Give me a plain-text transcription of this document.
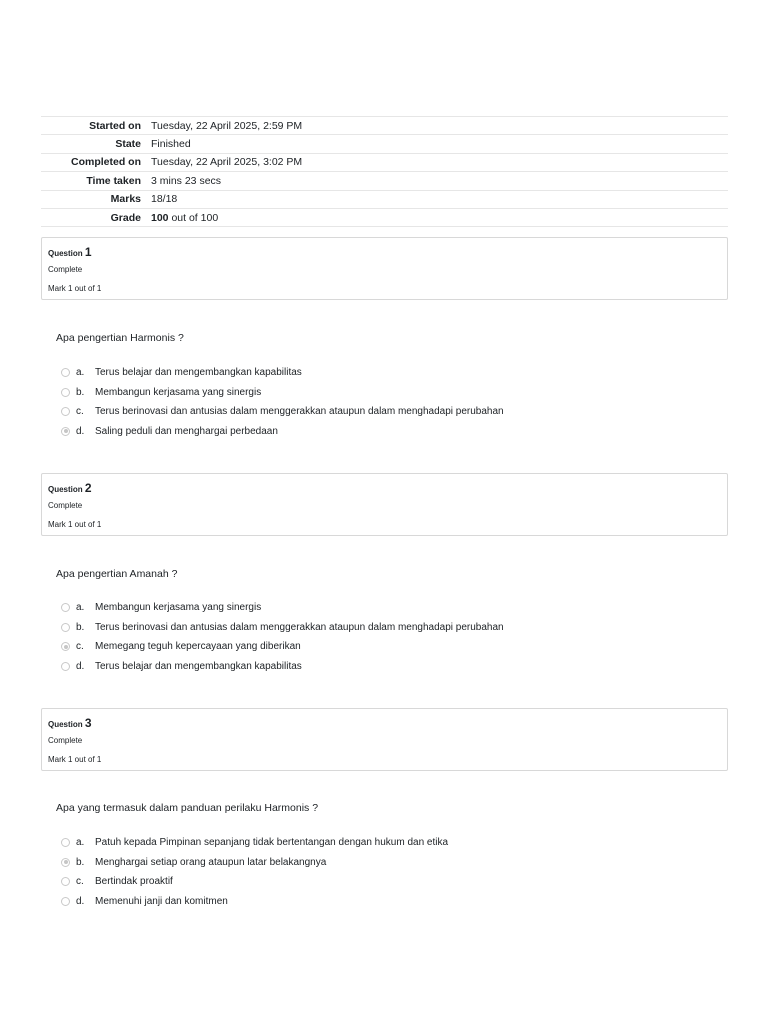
Started on	Tuesday, 22 April 2025, 2:59 PM
State	Finished
Completed on	Tuesday, 22 April 2025, 3:02 PM
Time taken	3 mins 23 secs
Marks	18/18
Grade	100 out of 100
Question 1
Complete
Mark 1 out of 1
Apa pengertian Harmonis ?
a.	Terus belajar dan mengembangkan kapabilitas
b.	Membangun kerjasama yang sinergis
c.	Terus berinovasi dan antusias dalam menggerakkan ataupun dalam menghadapi perubahan
d.	Saling peduli dan menghargai perbedaan
Question 2
Complete
Mark 1 out of 1
Apa pengertian Amanah ?
a.	Membangun kerjasama yang sinergis
b.	Terus berinovasi dan antusias dalam menggerakkan ataupun dalam menghadapi perubahan
c.	Memegang teguh kepercayaan yang diberikan
d.	Terus belajar dan mengembangkan kapabilitas
Question 3
Complete
Mark 1 out of 1
Apa yang termasuk dalam panduan perilaku Harmonis ?
a.	Patuh kepada Pimpinan sepanjang tidak bertentangan dengan hukum dan etika
b.	Menghargai setiap orang ataupun latar belakangnya
c.	Bertindak proaktif
d.	Memenuhi janji dan komitmen
